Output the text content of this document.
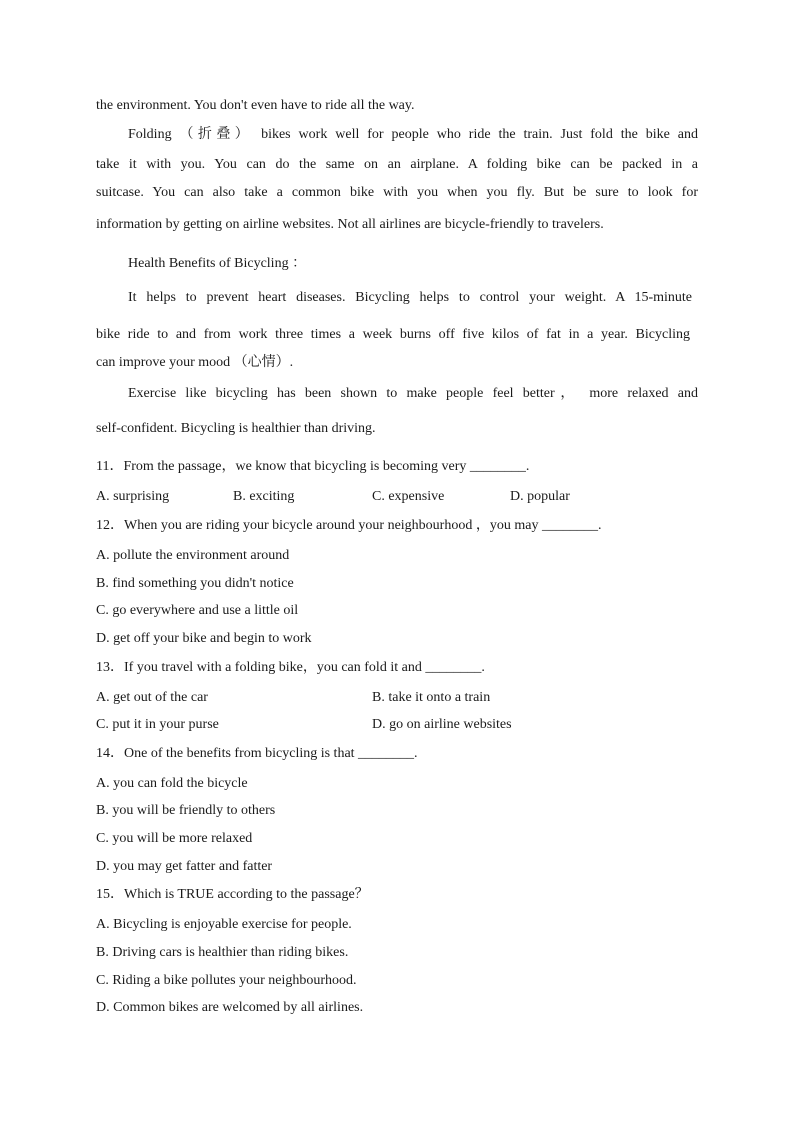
the environment. You don't even have to ride all the way.
Folding （折叠） bikes work well for people who ride the train. Just fold the bike and
take it with you. You can do the same on an airplane. A folding bike can be packed in a
suitcase. You can also take a common bike with you when you fly. But be sure to look for
information by getting on airline websites. Not all airlines are bicycle-friendly to travelers.
Health Benefits of Bicycling ：
It helps to prevent heart diseases. Bicycling helps to control your weight. A 15-minute
bike ride to and from work three times a week burns off five kilos of fat in a year. Bicycling
can improve your mood （心情）.
Exercise like bicycling has been shown to make people feel better， more relaxed and
self-confident. Bicycling is healthier than driving.
11．From the passage，we know that bicycling is becoming very ________.
A. surprising	B. exciting	C. expensive	D. popular
12．When you are riding your bicycle around your neighbourhood ，you may ________.
A. pollute the environment around
B. find something you didn't notice
C. go everywhere and use a little oil
D. get off your bike and begin to work
13．If you travel with a folding bike，you can fold it and ________.
A. get out of the car	B. take it onto a train
C. put it in your purse	D. go on airline websites
14．One of the benefits from bicycling is that ________.
A. you can fold the bicycle
B. you will be friendly to others
C. you will be more relaxed
D. you may get fatter and fatter
15．Which is TRUE according to the passage？
A. Bicycling is enjoyable exercise for people.
B. Driving cars is healthier than riding bikes.
C. Riding a bike pollutes your neighbourhood.
D. Common bikes are welcomed by all airlines.
